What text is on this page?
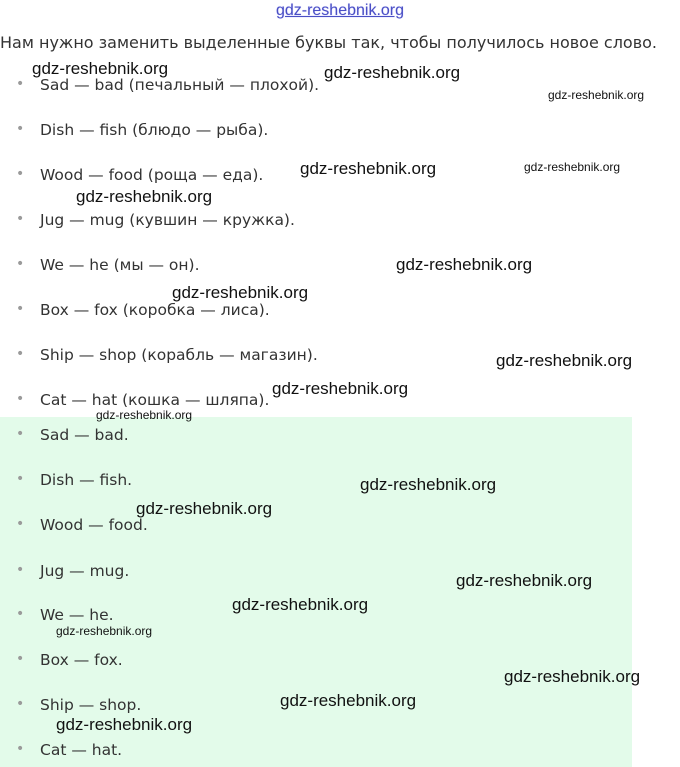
gdz-reshebnik.org
Нам нужно заменить выделенные буквы так, чтобы получилось новое слово.
• Sad — bad (печальный — плохой).
• Dish — fish (блюдо — рыба).
• Wood — food (роща — еда).
• Jug — mug (кувшин — кружка).
• We — he (мы — он).
• Box — fox (коробка — лиса).
• Ship — shop (корабль — магазин).
• Cat — hat (кошка — шляпа).
• Sad — bad.
• Dish — fish.
• Wood — food.
• Jug — mug.
• We — he.
• Box — fox.
• Ship — shop.
• Cat — hat.
gdz-reshebnik.org	gdz-reshebnik.org
gdz-reshebnik.org
gdz-reshebnik.org	gdz-reshebnik.org
gdz-reshebnik.org
gdz-reshebnik.org
gdz-reshebnik.org
gdz-reshebnik.org
gdz-reshebnik.org
gdz-reshebnik.org
gdz-reshebnik.org
gdz-reshebnik.org
gdz-reshebnik.org
gdz-reshebnik.org
gdz-reshebnik.org
gdz-reshebnik.org
gdz-reshebnik.org
gdz-reshebnik.org
